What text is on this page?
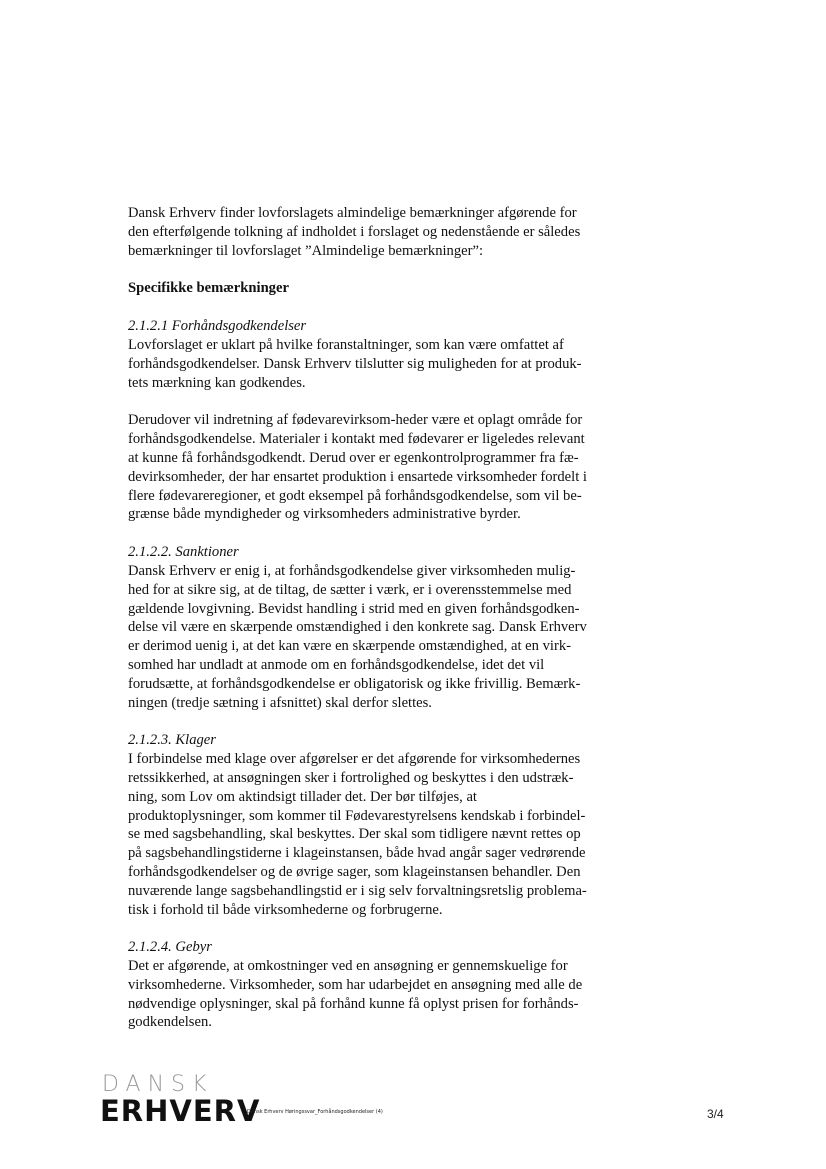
Dansk Erhverv finder lovforslagets almindelige bemærkninger afgørende for
den efterfølgende tolkning af indholdet i forslaget og nedenstående er således
bemærkninger til lovforslaget ”Almindelige bemærkninger”:
Specifikke bemærkninger
2.1.2.1 Forhåndsgodkendelser
Lovforslaget er uklart på hvilke foranstaltninger, som kan være omfattet af
forhåndsgodkendelser. Dansk Erhverv tilslutter sig muligheden for at produk-
tets mærkning kan godkendes.
Derudover vil indretning af fødevarevirksom-heder være et oplagt område for
forhåndsgodkendelse. Materialer i kontakt med fødevarer er ligeledes relevant
at kunne få forhåndsgodkendt. Derud over er egenkontrolprogrammer fra fæ-
devirksomheder, der har ensartet produktion i ensartede virksomheder fordelt i
flere fødevareregioner, et godt eksempel på forhåndsgodkendelse, som vil be-
grænse både myndigheder og virksomheders administrative byrder.
2.1.2.2. Sanktioner
Dansk Erhverv er enig i, at forhåndsgodkendelse giver virksomheden mulig-
hed for at sikre sig, at de tiltag, de sætter i værk, er i overensstemmelse med
gældende lovgivning. Bevidst handling i strid med en given forhåndsgodken-
delse vil være en skærpende omstændighed i den konkrete sag. Dansk Erhverv
er derimod uenig i, at det kan være en skærpende omstændighed, at en virk-
somhed har undladt at anmode om en forhåndsgodkendelse, idet det vil
forudsætte, at forhåndsgodkendelse er obligatorisk og ikke frivillig. Bemærk-
ningen (tredje sætning i afsnittet) skal derfor slettes.
2.1.2.3. Klager
I forbindelse med klage over afgørelser er det afgørende for virksomhedernes
retssikkerhed, at ansøgningen sker i fortrolighed og beskyttes i den udstræk-
ning, som Lov om aktindsigt tillader det. Der bør tilføjes, at
produktoplysninger, som kommer til Fødevarestyrelsens kendskab i forbindel-
se med sagsbehandling, skal beskyttes. Der skal som tidligere nævnt rettes op
på sagsbehandlingstiderne i klageinstansen, både hvad angår sager vedrørende
forhåndsgodkendelser og de øvrige sager, som klageinstansen behandler. Den
nuværende lange sagsbehandlingstid er i sig selv forvaltningsretslig problema-
tisk i forhold til både virksomhederne og forbrugerne.
2.1.2.4. Gebyr
Det er afgørende, at omkostninger ved en ansøgning er gennemskuelige for
virksomhederne. Virksomheder, som har udarbejdet en ansøgning med alle de
nødvendige oplysninger, skal på forhånd kunne få oplyst prisen for forhånds-
godkendelsen.
DANSK
ERHVERV
Dansk Erhverv Høringssvar_Forhåndsgodkendelser (4)	3/4
